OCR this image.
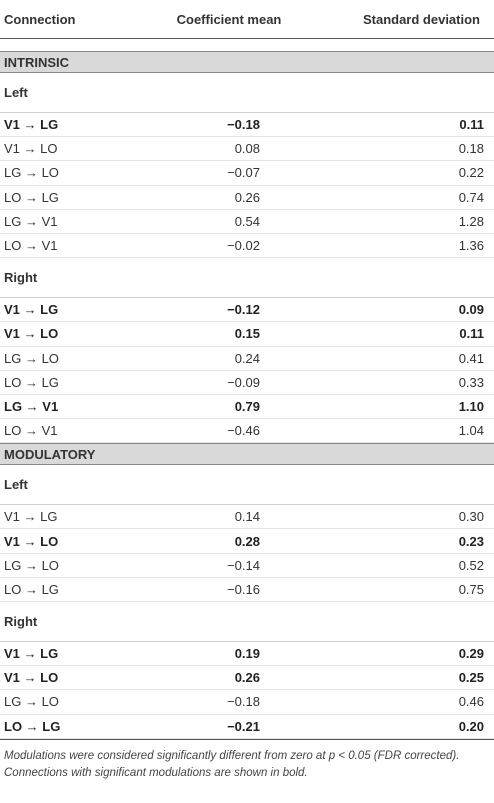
Connection	Coefficient mean	Standard deviation
INTRINSIC
Left
V1 → LG	−0.18	0.11
V1 → LO	0.08	0.18
LG → LO	−0.07	0.22
LO → LG	0.26	0.74
LG → V1	0.54	1.28
LO → V1	−0.02	1.36
Right
V1 → LG	−0.12	0.09
V1 → LO	0.15	0.11
LG → LO	0.24	0.41
LO → LG	−0.09	0.33
LG → V1	0.79	1.10
LO → V1	−0.46	1.04
MODULATORY
Left
V1 → LG	0.14	0.30
V1 → LO	0.28	0.23
LG → LO	−0.14	0.52
LO → LG	−0.16	0.75
Right
V1 → LG	0.19	0.29
V1 → LO	0.26	0.25
LG → LO	−0.18	0.46
LO → LG	−0.21	0.20
Modulations were considered significantly different from zero at p < 0.05 (FDR corrected). Connections with significant modulations are shown in bold.
